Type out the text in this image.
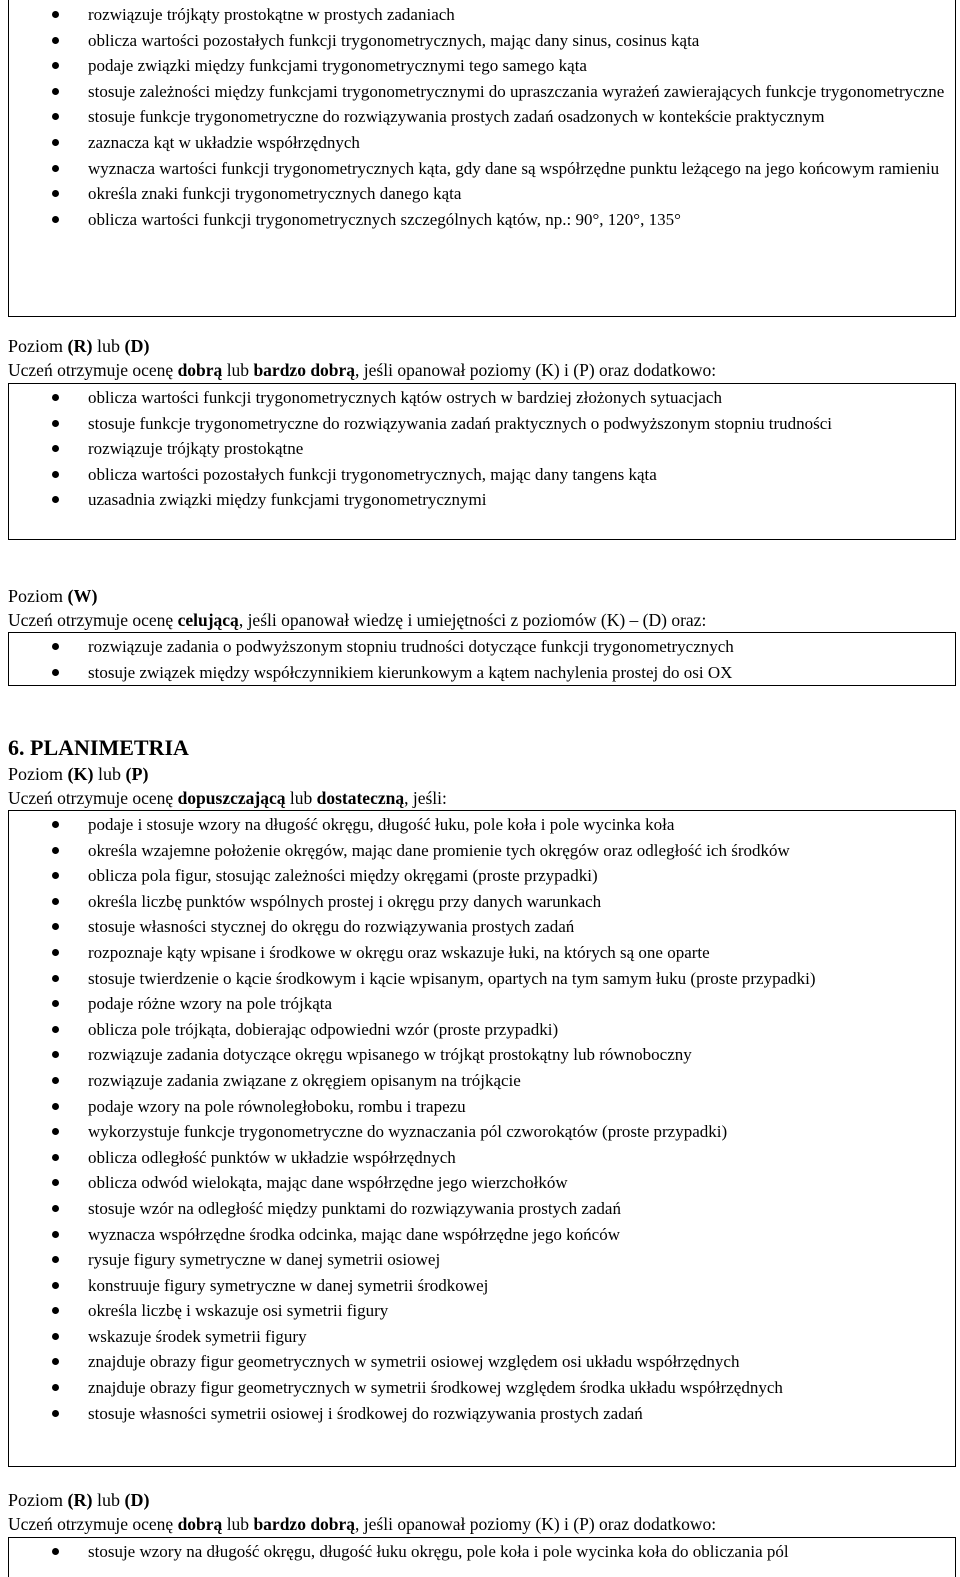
rozwiązuje trójkąty prostokątne w prostych zadaniach
oblicza wartości pozostałych funkcji trygonometrycznych, mając dany sinus, cosinus kąta
podaje związki między funkcjami trygonometrycznymi tego samego kąta
stosuje zależności między funkcjami trygonometrycznymi do upraszczania wyrażeń zawierających funkcje trygonometryczne
stosuje funkcje trygonometryczne do rozwiązywania prostych zadań osadzonych w kontekście praktycznym
zaznacza kąt w układzie współrzędnych
wyznacza wartości funkcji trygonometrycznych kąta, gdy dane są współrzędne punktu leżącego na jego końcowym ramieniu
określa znaki funkcji trygonometrycznych danego kąta
oblicza wartości funkcji trygonometrycznych szczególnych kątów, np.: 90°, 120°, 135°
Poziom (R) lub (D)
Uczeń otrzymuje ocenę dobrą lub bardzo dobrą, jeśli opanował poziomy (K) i (P) oraz dodatkowo:
oblicza wartości funkcji trygonometrycznych kątów ostrych w bardziej złożonych sytuacjach
stosuje funkcje trygonometryczne do rozwiązywania zadań praktycznych o podwyższonym stopniu trudności
rozwiązuje trójkąty prostokątne
oblicza wartości pozostałych funkcji trygonometrycznych, mając dany tangens kąta
uzasadnia związki między funkcjami trygonometrycznymi
Poziom (W)
Uczeń otrzymuje ocenę celującą, jeśli opanował wiedzę i umiejętności z poziomów (K) – (D) oraz:
rozwiązuje zadania o podwyższonym stopniu trudności dotyczące funkcji trygonometrycznych
stosuje związek między współczynnikiem kierunkowym a kątem nachylenia prostej do osi OX
6. PLANIMETRIA
Poziom (K) lub (P)
Uczeń otrzymuje ocenę dopuszczającą lub dostateczną, jeśli:
podaje i stosuje wzory na długość okręgu, długość łuku, pole koła i pole wycinka koła
określa wzajemne położenie okręgów, mając dane promienie tych okręgów oraz odległość ich środków
oblicza pola figur, stosując zależności między okręgami (proste przypadki)
określa liczbę punktów wspólnych prostej i okręgu przy danych warunkach
stosuje własności stycznej do okręgu do rozwiązywania prostych zadań
rozpoznaje kąty wpisane i środkowe w okręgu oraz wskazuje łuki, na których są one oparte
stosuje twierdzenie o kącie środkowym i kącie wpisanym, opartych na tym samym łuku (proste przypadki)
podaje różne wzory na pole trójkąta
oblicza pole trójkąta, dobierając odpowiedni wzór (proste przypadki)
rozwiązuje zadania dotyczące okręgu wpisanego w trójkąt prostokątny lub równoboczny
rozwiązuje zadania związane z okręgiem opisanym na trójkącie
podaje wzory na pole równoległoboku, rombu i trapezu
wykorzystuje funkcje trygonometryczne do wyznaczania pól czworokątów (proste przypadki)
oblicza odległość punktów w układzie współrzędnych
oblicza odwód wielokąta, mając dane współrzędne jego wierzchołków
stosuje wzór na odległość między punktami do rozwiązywania prostych zadań
wyznacza współrzędne środka odcinka, mając dane współrzędne jego końców
rysuje figury symetryczne w danej symetrii osiowej
konstruuje figury symetryczne w danej symetrii środkowej
określa liczbę i wskazuje osi symetrii figury
wskazuje środek symetrii figury
znajduje obrazy figur geometrycznych w symetrii osiowej względem osi układu współrzędnych
znajduje obrazy figur geometrycznych w symetrii środkowej względem środka układu współrzędnych
stosuje własności symetrii osiowej i środkowej do rozwiązywania prostych zadań
Poziom (R) lub (D)
Uczeń otrzymuje ocenę dobrą lub bardzo dobrą, jeśli opanował poziomy (K) i (P) oraz dodatkowo:
stosuje wzory na długość okręgu, długość łuku okręgu, pole koła i pole wycinka koła do obliczania pól
